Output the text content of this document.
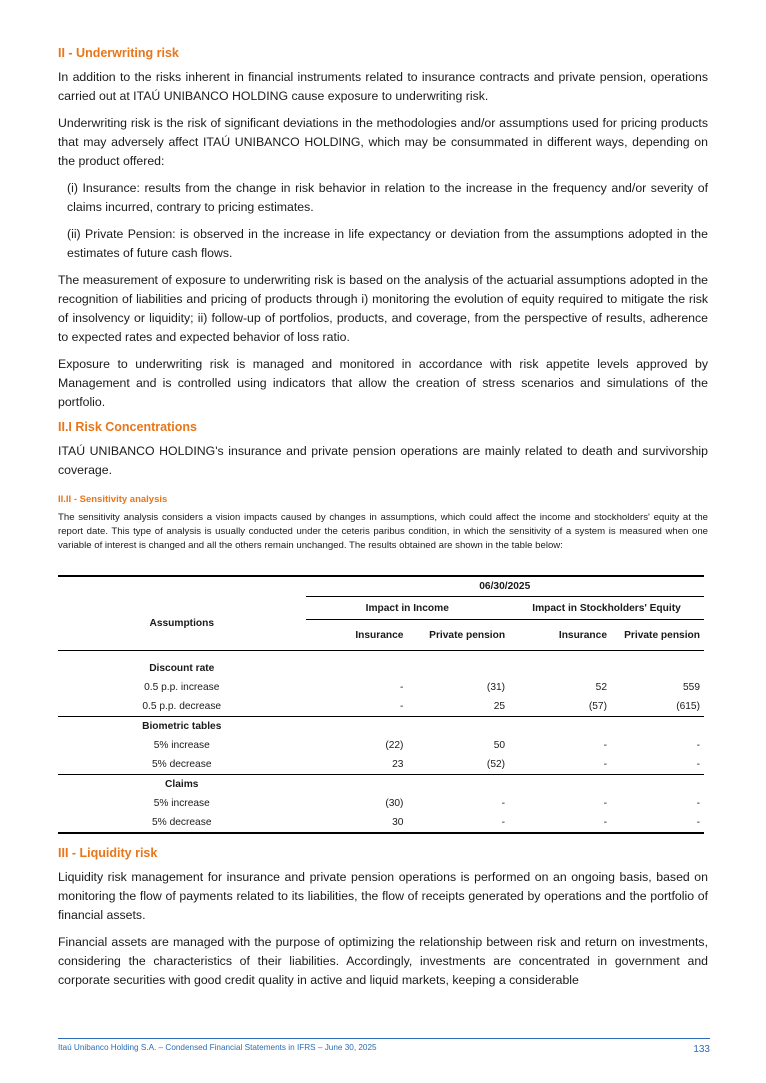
II - Underwriting risk

In addition to the risks inherent in financial instruments related to insurance contracts and private pension, operations carried out at ITAÚ UNIBANCO HOLDING cause exposure to underwriting risk.

Underwriting risk is the risk of significant deviations in the methodologies and/or assumptions used for pricing products that may adversely affect ITAÚ UNIBANCO HOLDING, which may be consummated in different ways, depending on the product offered:

(i) Insurance: results from the change in risk behavior in relation to the increase in the frequency and/or severity of claims incurred, contrary to pricing estimates.

(ii) Private Pension: is observed in the increase in life expectancy or deviation from the assumptions adopted in the estimates of future cash flows.

The measurement of exposure to underwriting risk is based on the analysis of the actuarial assumptions adopted in the recognition of liabilities and pricing of products through i) monitoring the evolution of equity required to mitigate the risk of insolvency or liquidity; ii) follow-up of portfolios, products, and coverage, from the perspective of results, adherence to expected rates and expected behavior of loss ratio.

Exposure to underwriting risk is managed and monitored in accordance with risk appetite levels approved by Management and is controlled using indicators that allow the creation of stress scenarios and simulations of the portfolio.

II.I Risk Concentrations

ITAÚ UNIBANCO HOLDING's insurance and private pension operations are mainly related to death and survivorship coverage.

II.II - Sensitivity analysis

The sensitivity analysis considers a vision impacts caused by changes in assumptions, which could affect the income and stockholders' equity at the report date. This type of analysis is usually conducted under the ceteris paribus condition, in which the sensitivity of a system is measured when one variable of interest is changed and all the others remain unchanged. The results obtained are shown in the table below:

	06/30/2025			
Assumptions	Impact in Income		Impact in Stockholders' Equity	
	Insurance	Private pension	Insurance	Private pension
Discount rate				
0.5 p.p. increase	-	(31)	52	559
0.5 p.p. decrease	-	25	(57)	(615)
Biometric tables				
5% increase	(22)	50	-	-
5% decrease	23	(52)	-	-
Claims				
5% increase	(30)	-	-	-
5% decrease	30	-	-	-
III - Liquidity risk

Liquidity risk management for insurance and private pension operations is performed on an ongoing basis, based on monitoring the flow of payments related to its liabilities, the flow of receipts generated by operations and the portfolio of financial assets.

Financial assets are managed with the purpose of optimizing the relationship between risk and return on investments, considering the characteristics of their liabilities. Accordingly, investments are concentrated in government and corporate securities with good credit quality in active and liquid markets, keeping a considerable

Itaú Unibanco Holding S.A. – Condensed Financial Statements in IFRS – June 30, 2025	133
